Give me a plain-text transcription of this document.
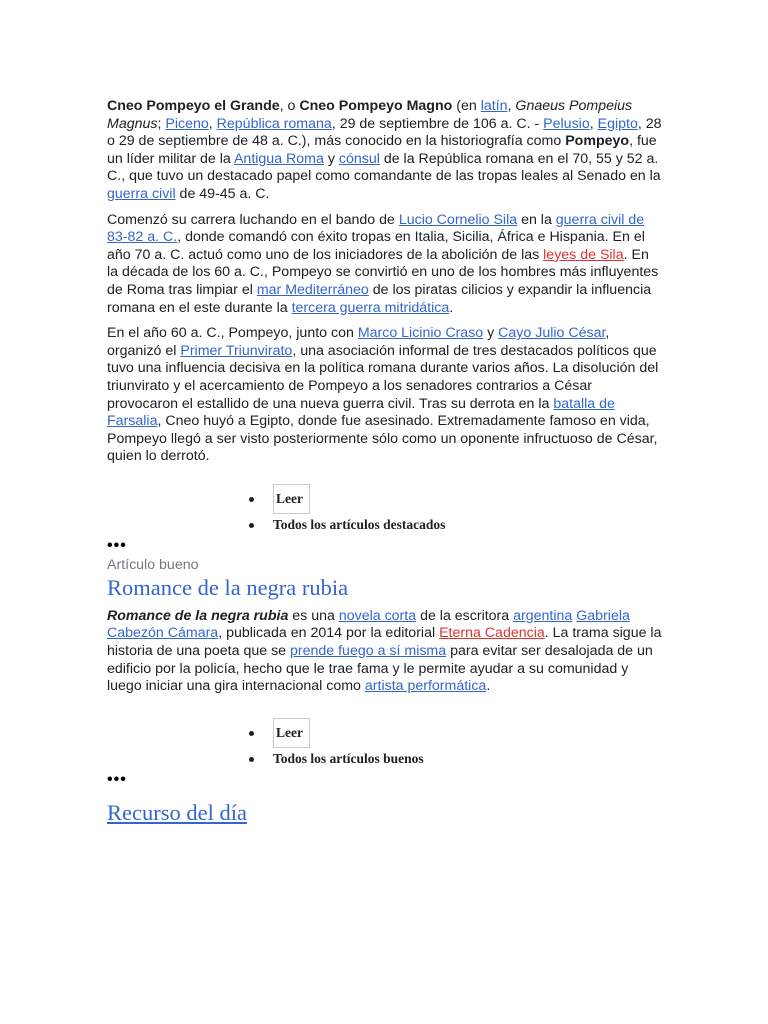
Cneo Pompeyo el Grande, o Cneo Pompeyo Magno (en latín, Gnaeus Pompeius Magnus; Piceno, República romana, 29 de septiembre de 106 a. C. - Pelusio, Egipto, 28 o 29 de septiembre de 48 a. C.), más conocido en la historiografía como Pompeyo, fue un líder militar de la Antigua Roma y cónsul de la República romana en el 70, 55 y 52 a. C., que tuvo un destacado papel como comandante de las tropas leales al Senado en la guerra civil de 49-45 a. C.

Comenzó su carrera luchando en el bando de Lucio Cornelio Sila en la guerra civil de 83-82 a. C., donde comandó con éxito tropas en Italia, Sicilia, África e Hispania. En el año 70 a. C. actuó como uno de los iniciadores de la abolición de las leyes de Sila. En la década de los 60 a. C., Pompeyo se convirtió en uno de los hombres más influyentes de Roma tras limpiar el mar Mediterráneo de los piratas cilicios y expandir la influencia romana en el este durante la tercera guerra mitridática.

En el año 60 a. C., Pompeyo, junto con Marco Licinio Craso y Cayo Julio César, organizó el Primer Triunvirato, una asociación informal de tres destacados políticos que tuvo una influencia decisiva en la política romana durante varios años. La disolución del triunvirato y el acercamiento de Pompeyo a los senadores contrarios a César provocaron el estallido de una nueva guerra civil. Tras su derrota en la batalla de Farsalia, Cneo huyó a Egipto, donde fue asesinado. Extremadamente famoso en vida, Pompeyo llegó a ser visto posteriormente sólo como un oponente infructuoso de César, quien lo derrotó.

Leer
Todos los artículos destacados
•••
Artículo bueno
Romance de la negra rubia

Romance de la negra rubia es una novela corta de la escritora argentina Gabriela Cabezón Cámara, publicada en 2014 por la editorial Eterna Cadencia. La trama sigue la historia de una poeta que se prende fuego a sí misma para evitar ser desalojada de un edificio por la policía, hecho que le trae fama y le permite ayudar a su comunidad y luego iniciar una gira internacional como artista performática.

Leer
Todos los artículos buenos
•••
Recurso del día
